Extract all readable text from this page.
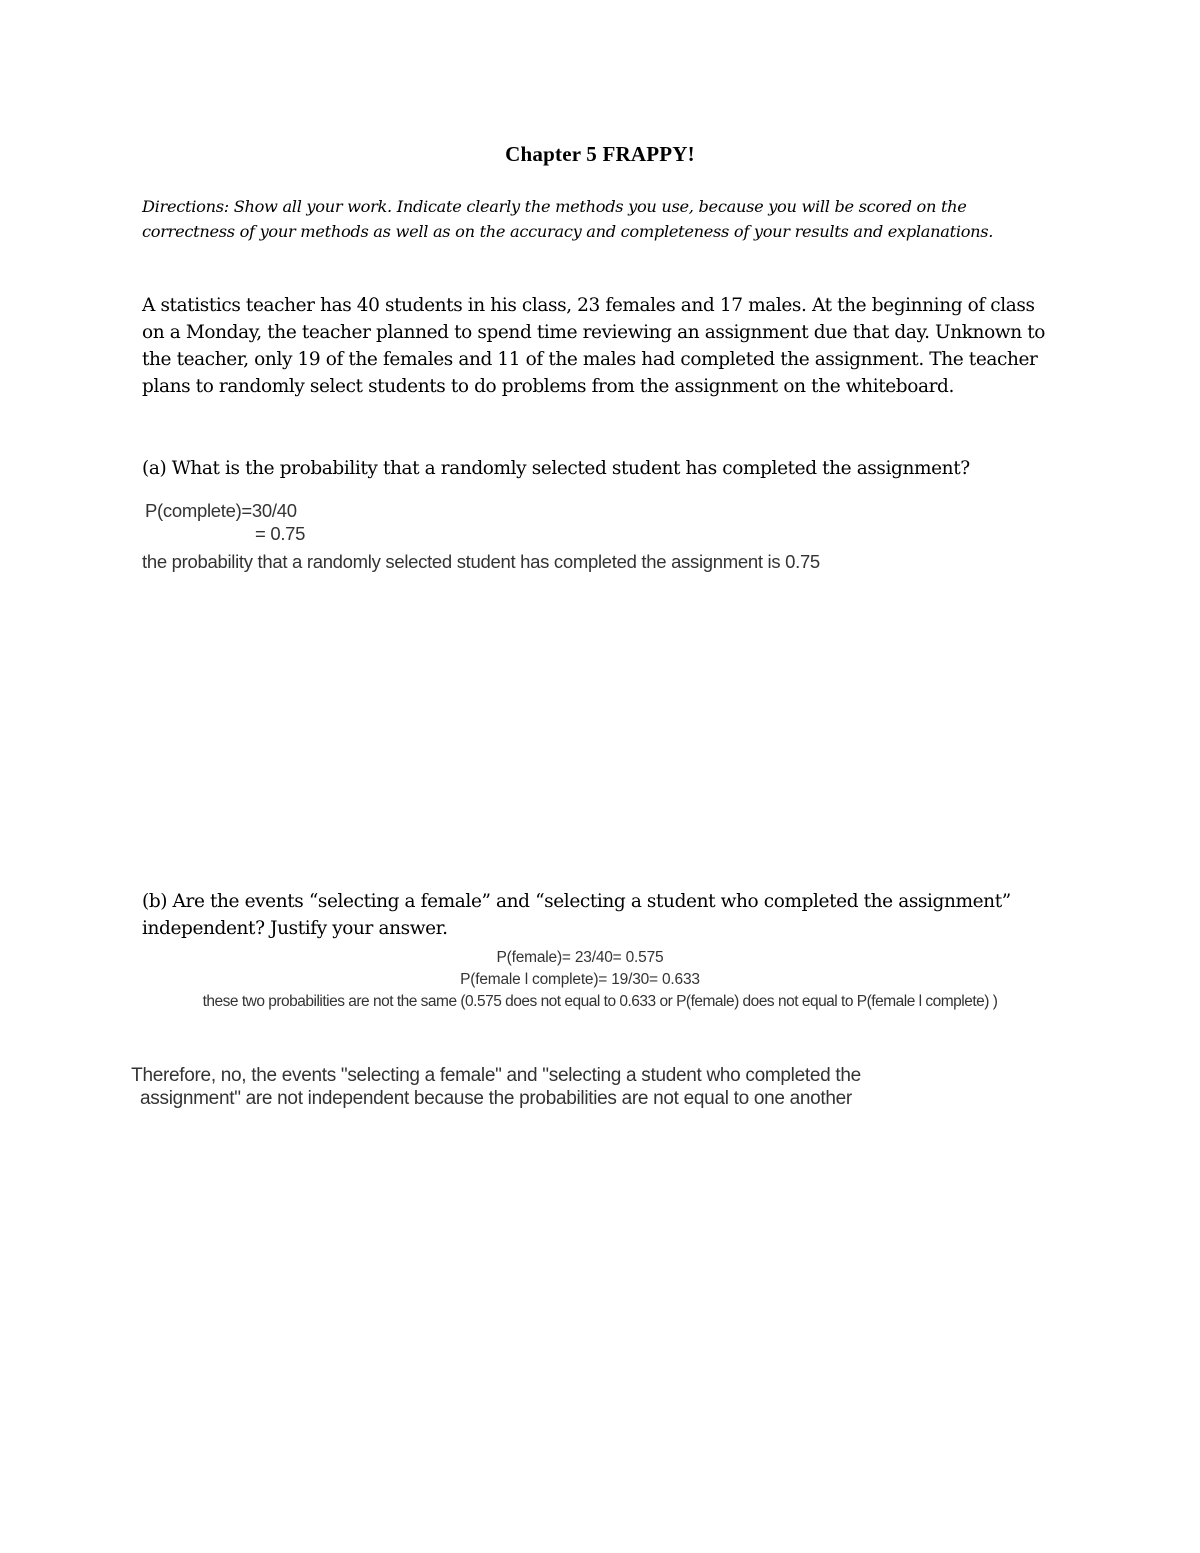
Chapter 5 FRAPPY!

Directions: Show all your work. Indicate clearly the methods you use, because you will be scored on the correctness of your methods as well as on the accuracy and completeness of your results and explanations.

A statistics teacher has 40 students in his class, 23 females and 17 males. At the beginning of class on a Monday, the teacher planned to spend time reviewing an assignment due that day. Unknown to the teacher, only 19 of the females and 11 of the males had completed the assignment. The teacher plans to randomly select students to do problems from the assignment on the whiteboard.

(a) What is the probability that a randomly selected student has completed the assignment?

P(complete)=30/40

= 0.75

the probability that a randomly selected student has completed the assignment is 0.75

(b) Are the events “selecting a female” and “selecting a student who completed the assignment” independent? Justify your answer.

P(female)= 23/40= 0.575

P(female l complete)= 19/30= 0.633

these two probabilities are not the same (0.575 does not equal to 0.633 or P(female) does not equal to P(female l complete) )

Therefore, no, the events "selecting a female" and "selecting a student who completed the assignment" are not independent because the probabilities are not equal to one another
